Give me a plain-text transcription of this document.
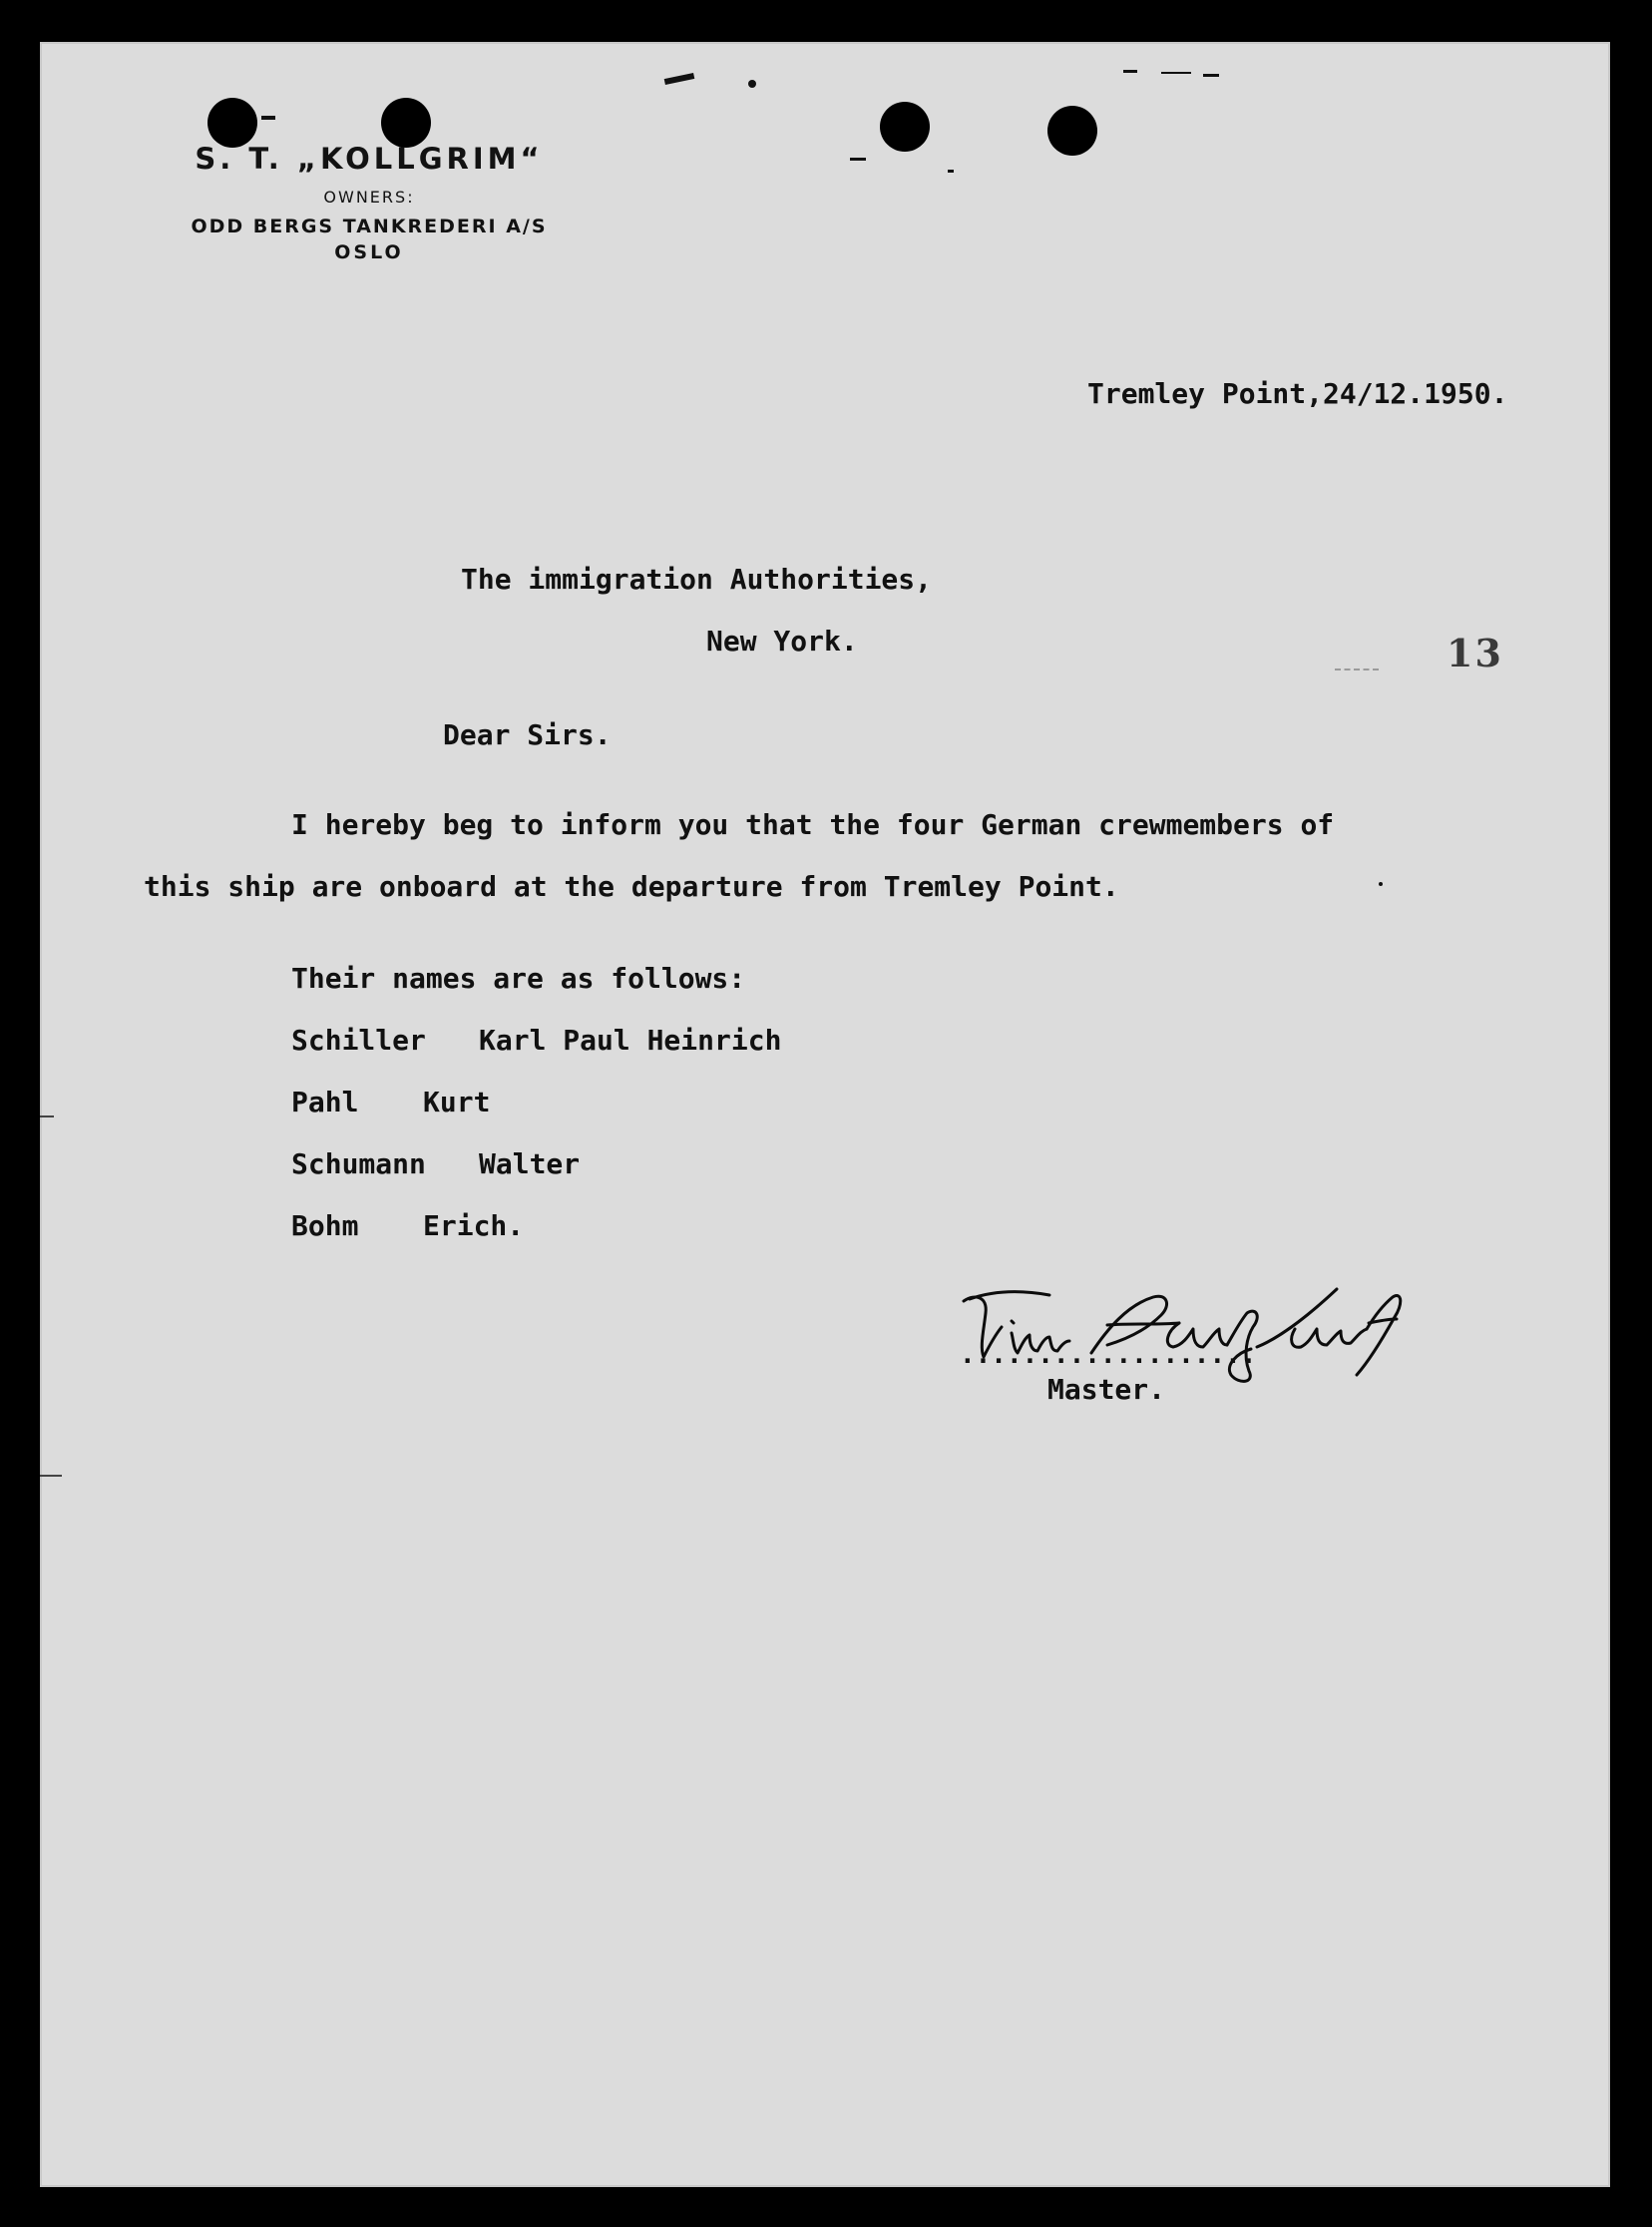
S. T. „KOLLGRIM“
OWNERS:
ODD BERGS TANKREDERI A/S
OSLO
Tremley Point,24/12.1950.
The immigration Authorities,
New York.	13
Dear Sirs.
I hereby beg to inform you that the four German crewmembers of
this ship are onboard at the departure from Tremley Point.
Their names are as follows:
Schiller Karl Paul Heinrich
Pahl Kurt
Schumann Walter
Bohm Erich.
...................
Master.
